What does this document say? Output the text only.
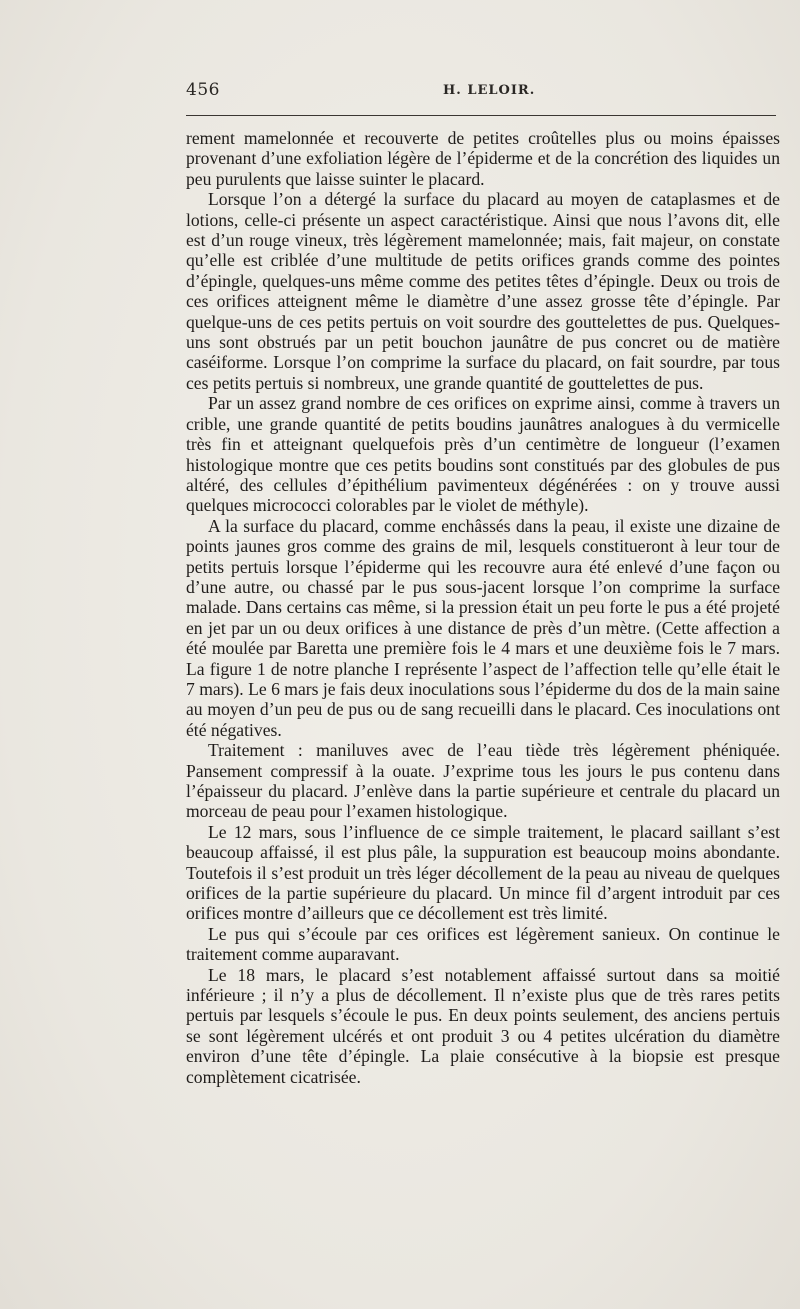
456	H. LELOIR.

rement mamelonnée et recouverte de petites croûtelles plus ou moins épaisses provenant d’une exfoliation légère de l’épiderme et de la concrétion des liquides un peu purulents que laisse suinter le placard.

Lorsque l’on a détergé la surface du placard au moyen de cataplasmes et de lotions, celle-ci présente un aspect caractéristique. Ainsi que nous l’avons dit, elle est d’un rouge vineux, très légèrement mamelonnée; mais, fait majeur, on constate qu’elle est criblée d’une multitude de petits orifices grands comme des pointes d’épingle, quelques-uns même comme des petites têtes d’épingle. Deux ou trois de ces orifices atteignent même le diamètre d’une assez grosse tête d’épingle. Par quelque-uns de ces petits pertuis on voit sourdre des gouttelettes de pus. Quelques-uns sont obstrués par un petit bouchon jaunâtre de pus concret ou de matière caséiforme. Lorsque l’on comprime la surface du placard, on fait sourdre, par tous ces petits pertuis si nombreux, une grande quantité de gouttelettes de pus.

Par un assez grand nombre de ces orifices on exprime ainsi, comme à travers un crible, une grande quantité de petits boudins jaunâtres analogues à du vermicelle très fin et atteignant quelquefois près d’un centimètre de longueur (l’examen histologique montre que ces petits boudins sont constitués par des globules de pus altéré, des cellules d’épithélium pavimenteux dégénérées : on y trouve aussi quelques micrococci colorables par le violet de méthyle).

A la surface du placard, comme enchâssés dans la peau, il existe une dizaine de points jaunes gros comme des grains de mil, lesquels constitueront à leur tour de petits pertuis lorsque l’épiderme qui les recouvre aura été enlevé d’une façon ou d’une autre, ou chassé par le pus sous-jacent lorsque l’on comprime la surface malade. Dans certains cas même, si la pression était un peu forte le pus a été projeté en jet par un ou deux orifices à une distance de près d’un mètre. (Cette affection a été moulée par Baretta une première fois le 4 mars et une deuxième fois le 7 mars. La figure 1 de notre planche I représente l’aspect de l’affection telle qu’elle était le 7 mars). Le 6 mars je fais deux inoculations sous l’épiderme du dos de la main saine au moyen d’un peu de pus ou de sang recueilli dans le placard. Ces inoculations ont été négatives.

Traitement : maniluves avec de l’eau tiède très légèrement phéniquée. Pansement compressif à la ouate. J’exprime tous les jours le pus contenu dans l’épaisseur du placard. J’enlève dans la partie supérieure et centrale du placard un morceau de peau pour l’examen histologique.

Le 12 mars, sous l’influence de ce simple traitement, le placard saillant s’est beaucoup affaissé, il est plus pâle, la suppuration est beaucoup moins abondante. Toutefois il s’est produit un très léger décollement de la peau au niveau de quelques orifices de la partie supérieure du placard. Un mince fil d’argent introduit par ces orifices montre d’ailleurs que ce décollement est très limité.

Le pus qui s’écoule par ces orifices est légèrement sanieux. On continue le traitement comme auparavant.

Le 18 mars, le placard s’est notablement affaissé surtout dans sa moitié inférieure ; il n’y a plus de décollement. Il n’existe plus que de très rares petits pertuis par lesquels s’écoule le pus. En deux points seulement, des anciens pertuis se sont légèrement ulcérés et ont produit 3 ou 4 petites ulcération du diamètre environ d’une tête d’épingle. La plaie consécutive à la biopsie est presque complètement cicatrisée.
